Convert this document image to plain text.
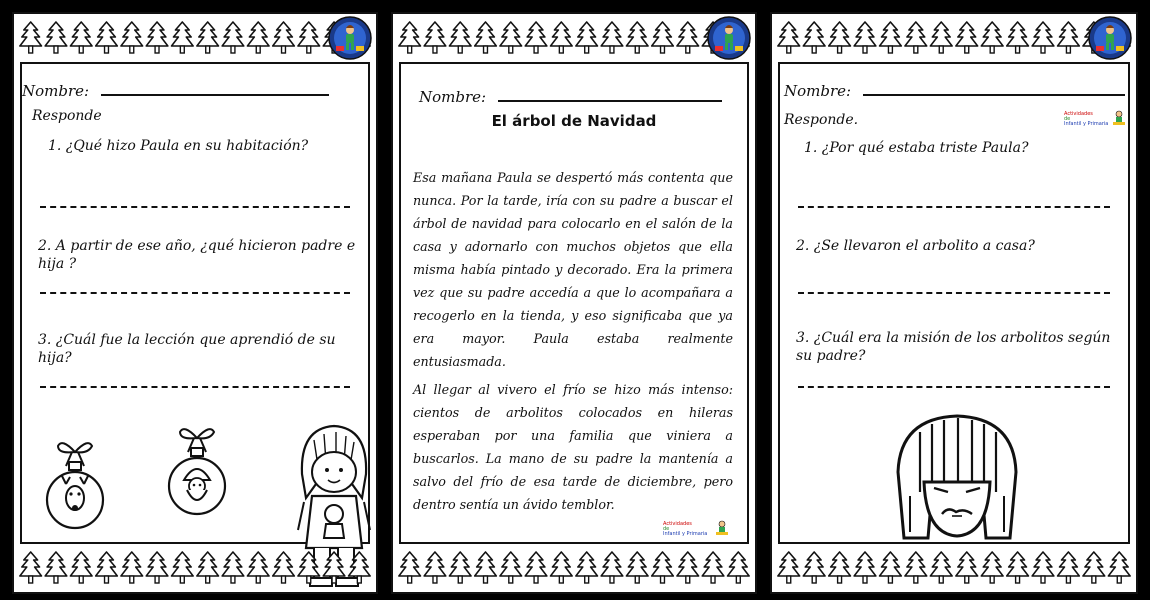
Nombre:
Responde
1. ¿Qué hizo Paula en su habitación?
2. A partir de ese año, ¿qué hicieron padre e
hija ?
3. ¿Cuál fue la lección que aprendió de su
hija?
Nombre:
El árbol de Navidad
Esa mañana Paula se despertó más contenta que nunca. Por la tarde, iría con su padre a buscar el árbol de navidad para colocarlo en el salón de la casa y adornarlo con muchos objetos que ella misma había pintado y decorado. Era la primera vez que su padre accedía a que lo acompañara a recogerlo en la tienda, y eso significaba que ya era mayor. Paula estaba realmente entusiasmada.
Al llegar al vivero el frío se hizo más intenso: cientos de arbolitos colocados en hileras esperaban por una familia que viniera a buscarlos. La mano de su padre la mantenía a salvo del frío de esa tarde de diciembre, pero dentro sentía un ávido temblor.
Actividades
de
Infantil y Primaria
Nombre:
Responde.	Actividades
de
Infantil y Primaria
1. ¿Por qué estaba triste Paula?
2. ¿Se llevaron el arbolito a casa?
3. ¿Cuál era la misión de los arbolitos según
su padre?
